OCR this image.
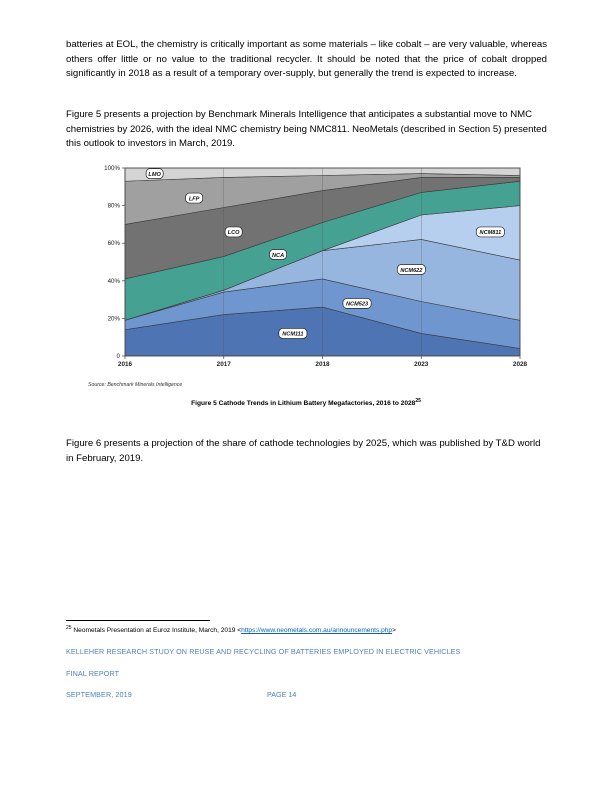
batteries at EOL, the chemistry is critically important as some materials – like cobalt – are very valuable, whereas others offer little or no value to the traditional recycler. It should be noted that the price of cobalt dropped significantly in 2018 as a result of a temporary over-supply, but generally the trend is expected to increase.
Figure 5 presents a projection by Benchmark Minerals Intelligence that anticipates a substantial move to NMC chemistries by 2026, with the ideal NMC chemistry being NMC811. NeoMetals (described in Section 5) presented this outlook to investors in March, 2019.
0
20%
40%
60%
80%
100%
2016	2017	2018	2023	2028
LMO
LFP
LCO
NCA
NCM811
NCM622
NCM523
NCM111
Source: Benchmark Minerals Intelligence
Figure 5 Cathode Trends in Lithium Battery Megafactories, 2016 to 2028$^{25}$
Figure 6 presents a projection of the share of cathode technologies by 2025, which was published by T&D world in February, 2019.
$^{25}$ Neometals Presentation at Euroz Institute, March, 2019 <https://www.neometals.com.au/announcements.php>
KELLEHER RESEARCH STUDY ON REUSE AND RECYCLING OF BATTERIES EMPLOYED IN ELECTRIC VEHICLES
FINAL REPORT
SEPTEMBER, 2019	PAGE 14
